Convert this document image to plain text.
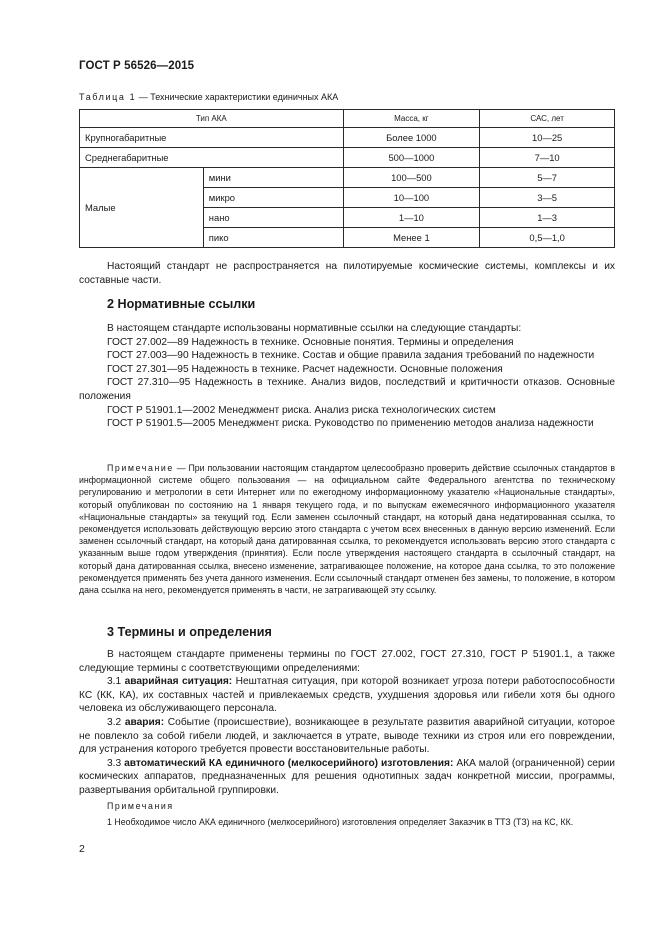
ГОСТ Р 56526—2015
Таблица 1 — Технические характеристики единичных АКА
Тип АКА		Масса, кг	САС, лет
Крупногабаритные		Более 1000	10—25
Среднегабаритные		500—1000	7—10
Малые	мини	100—500	5—7
	микро	10—100	3—5
	нано	1—10	1—3
	пико	Менее 1	0,5—1,0

Настоящий стандарт не распространяется на пилотируемые космические системы, комплексы и их составные части.

2 Нормативные ссылки

В настоящем стандарте использованы нормативные ссылки на следующие стандарты:

ГОСТ 27.002—89 Надежность в технике. Основные понятия. Термины и определения

ГОСТ 27.003—90 Надежность в технике. Состав и общие правила задания требований по надежности

ГОСТ 27.301—95 Надежность в технике. Расчет надежности. Основные положения

ГОСТ 27.310—95 Надежность в технике. Анализ видов, последствий и критичности отказов. Основные положения

ГОСТ Р 51901.1—2002 Менеджмент риска. Анализ риска технологических систем

ГОСТ Р 51901.5—2005 Менеджмент риска. Руководство по применению методов анализа надежности

Примечание — При пользовании настоящим стандартом целесообразно проверить действие ссылочных стандартов в информационной системе общего пользования — на официальном сайте Федерального агентства по техническому регулированию и метрологии в сети Интернет или по ежегодному информационному указателю «Национальные стандарты», который опубликован по состоянию на 1 января текущего года, и по выпускам ежемесячного информационного указателя «Национальные стандарты» за текущий год. Если заменен ссылочный стандарт, на который дана недатированная ссылка, то рекомендуется использовать действующую версию этого стандарта с учетом всех внесенных в данную версию изменений. Если заменен ссылочный стандарт, на который дана датированная ссылка, то рекомендуется использовать версию этого стандарта с указанным выше годом утверждения (принятия). Если после утверждения настоящего стандарта в ссылочный стандарт, на который дана датированная ссылка, внесено изменение, затрагивающее положение, на которое дана ссылка, то это положение рекомендуется применять без учета данного изменения. Если ссылочный стандарт отменен без замены, то положение, в котором дана ссылка на него, рекомендуется применять в части, не затрагивающей эту ссылку.

3 Термины и определения

В настоящем стандарте применены термины по ГОСТ 27.002, ГОСТ 27.310, ГОСТ Р 51901.1, а также следующие термины с соответствующими определениями:

3.1 аварийная ситуация: Нештатная ситуация, при которой возникает угроза потери работоспособности КС (КК, КА), их составных частей и привлекаемых средств, ухудшения здоровья или гибели хотя бы одного человека из обслуживающего персонала.

3.2 авария: Событие (происшествие), возникающее в результате развития аварийной ситуации, которое не повлекло за собой гибели людей, и заключается в утрате, выводе техники из строя или его повреждении, для устранения которого требуется провести восстановительные работы.

3.3 автоматический КА единичного (мелкосерийного) изготовления: АКА малой (ограниченной) серии космических аппаратов, предназначенных для решения однотипных задач конкретной миссии, программы, развертывания орбитальной группировки.

Примечания

1 Необходимое число АКА единичного (мелкосерийного) изготовления определяет Заказчик в ТТЗ (ТЗ) на КС, КК.

2
